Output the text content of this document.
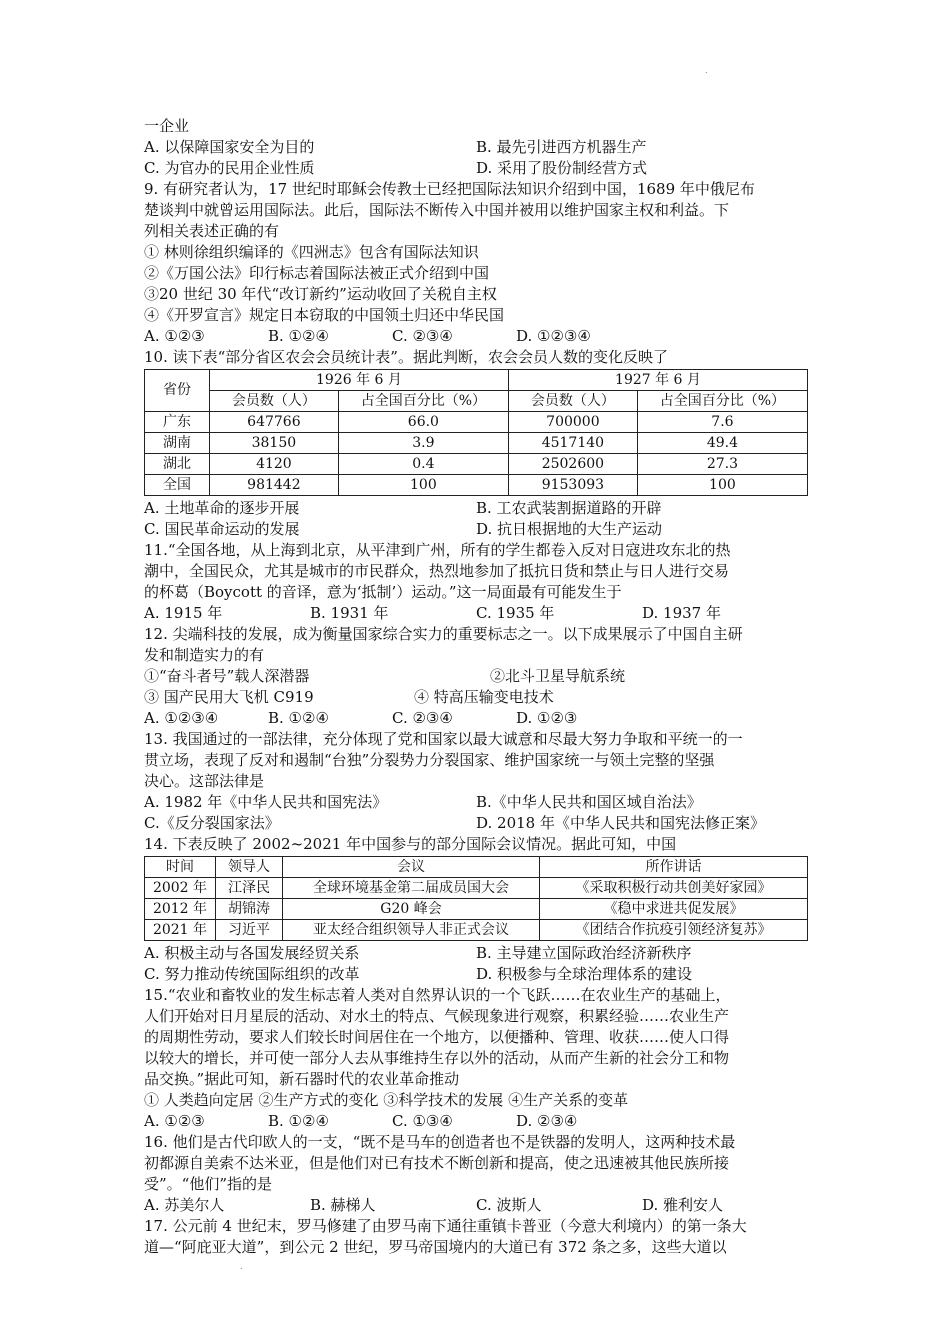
.
一企业
A. 以保障国家安全为目的	B. 最先引进西方机器生产
C. 为官办的民用企业性质	D. 采用了股份制经营方式
9. 有研究者认为，17 世纪时耶稣会传教士已经把国际法知识介绍到中国，1689 年中俄尼布
楚谈判中就曾运用国际法。此后，国际法不断传入中国并被用以维护国家主权和利益。下
列相关表述正确的有
① 林则徐组织编译的《四洲志》包含有国际法知识
②《万国公法》印行标志着国际法被正式介绍到中国
③20 世纪 30 年代“改订新约”运动收回了关税自主权
④《开罗宣言》规定日本窃取的中国领土归还中华民国
A. ①②③	B. ①②④	C. ②③④	D. ①②③④
10. 读下表“部分省区农会会员统计表”。据此判断，农会会员人数的变化反映了
省份	1926 年 6 月		1927 年 6 月	
	会员数（人）	占全国百分比（%）	会员数（人）	占全国百分比（%）
广东	647766	66.0	700000	7.6
湖南	38150	3.9	4517140	49.4
湖北	4120	0.4	2502600	27.3
全国	981442	100	9153093	100
A. 土地革命的逐步开展	B. 工农武装割据道路的开辟
C. 国民革命运动的发展	D. 抗日根据地的大生产运动
11.“全国各地，从上海到北京，从平津到广州，所有的学生都卷入反对日寇进攻东北的热
潮中，全国民众，尤其是城市的市民群众，热烈地参加了抵抗日货和禁止与日人进行交易
的杯葛（Boycott 的音译，意为‘抵制’）运动。”这一局面最有可能发生于
A. 1915 年	B. 1931 年	C. 1935 年	D. 1937 年
12. 尖端科技的发展，成为衡量国家综合实力的重要标志之一。以下成果展示了中国自主研
发和制造实力的有
①“奋斗者号”载人深潜器	②北斗卫星导航系统
③ 国产民用大飞机 C919	④ 特高压输变电技术
A. ①②③④	B. ①②④	C. ②③④	D. ①②③
13. 我国通过的一部法律，充分体现了党和国家以最大诚意和尽最大努力争取和平统一的一
贯立场，表现了反对和遏制“台独”分裂势力分裂国家、维护国家统一与领土完整的坚强
决心。这部法律是
A. 1982 年《中华人民共和国宪法》	B.《中华人民共和国区域自治法》
C.《反分裂国家法》	D. 2018 年《中华人民共和国宪法修正案》
14. 下表反映了 2002~2021 年中国参与的部分国际会议情况。据此可知，中国
时间	领导人	会议	所作讲话
2002 年	江泽民	全球环境基金第二届成员国大会	《采取积极行动共创美好家园》
2012 年	胡锦涛	G20 峰会	《稳中求进共促发展》
2021 年	习近平	亚太经合组织领导人非正式会议	《团结合作抗疫引领经济复苏》
A. 积极主动与各国发展经贸关系	B. 主导建立国际政治经济新秩序
C. 努力推动传统国际组织的改革	D. 积极参与全球治理体系的建设
15.“农业和畜牧业的发生标志着人类对自然界认识的一个飞跃……在农业生产的基础上，
人们开始对日月星辰的活动、对水土的特点、气候现象进行观察，积累经验……农业生产
的周期性劳动，要求人们较长时间居住在一个地方，以便播种、管理、收获……使人口得
以较大的增长，并可使一部分人去从事维持生存以外的活动，从而产生新的社会分工和物
品交换。”据此可知，新石器时代的农业革命推动
① 人类趋向定居 ②生产方式的变化 ③科学技术的发展 ④生产关系的变革
A. ①②③	B. ①②④	C. ①③④	D. ②③④
16. 他们是古代印欧人的一支，“既不是马车的创造者也不是铁器的发明人，这两种技术最
初都源自美索不达米亚，但是他们对已有技术不断创新和提高，使之迅速被其他民族所接
受”。“他们”指的是
A. 苏美尔人	B. 赫梯人	C. 波斯人	D. 雅利安人
17. 公元前 4 世纪末，罗马修建了由罗马南下通往重镇卡普亚（今意大利境内）的第一条大
道—“阿庇亚大道”，到公元 2 世纪，罗马帝国境内的大道已有 372 条之多，这些大道以
.
